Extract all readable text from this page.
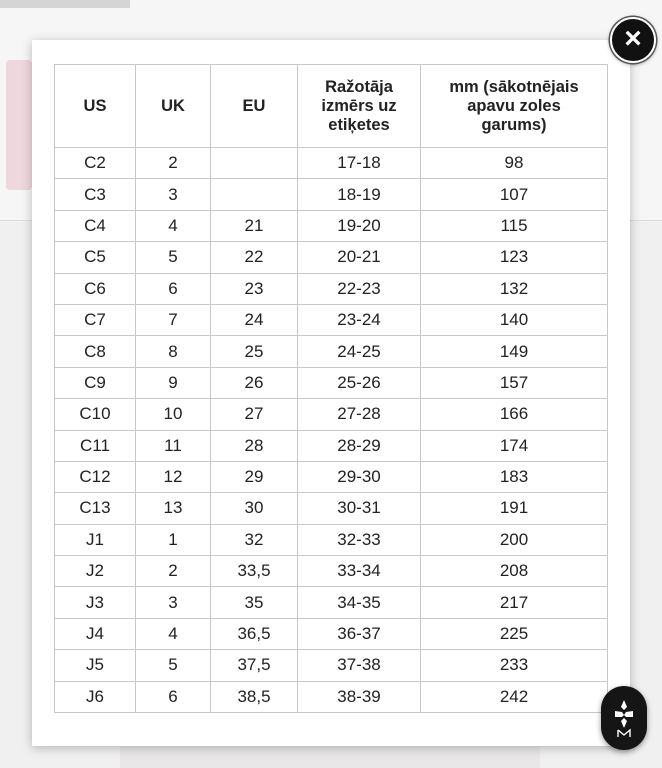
US	UK	EU	Ražotāja
izmērs uz
etiķetes	mm (sākotnējais
apavu zoles
garums)
C2	2		17-18	98
C3	3		18-19	107
C4	4	21	19-20	115
C5	5	22	20-21	123
C6	6	23	22-23	132
C7	7	24	23-24	140
C8	8	25	24-25	149
C9	9	26	25-26	157
C10	10	27	27-28	166
C11	11	28	28-29	174
C12	12	29	29-30	183
C13	13	30	30-31	191
J1	1	32	32-33	200
J2	2	33,5	33-34	208
J3	3	35	34-35	217
J4	4	36,5	36-37	225
J5	5	37,5	37-38	233
J6	6	38,5	38-39	242
×
